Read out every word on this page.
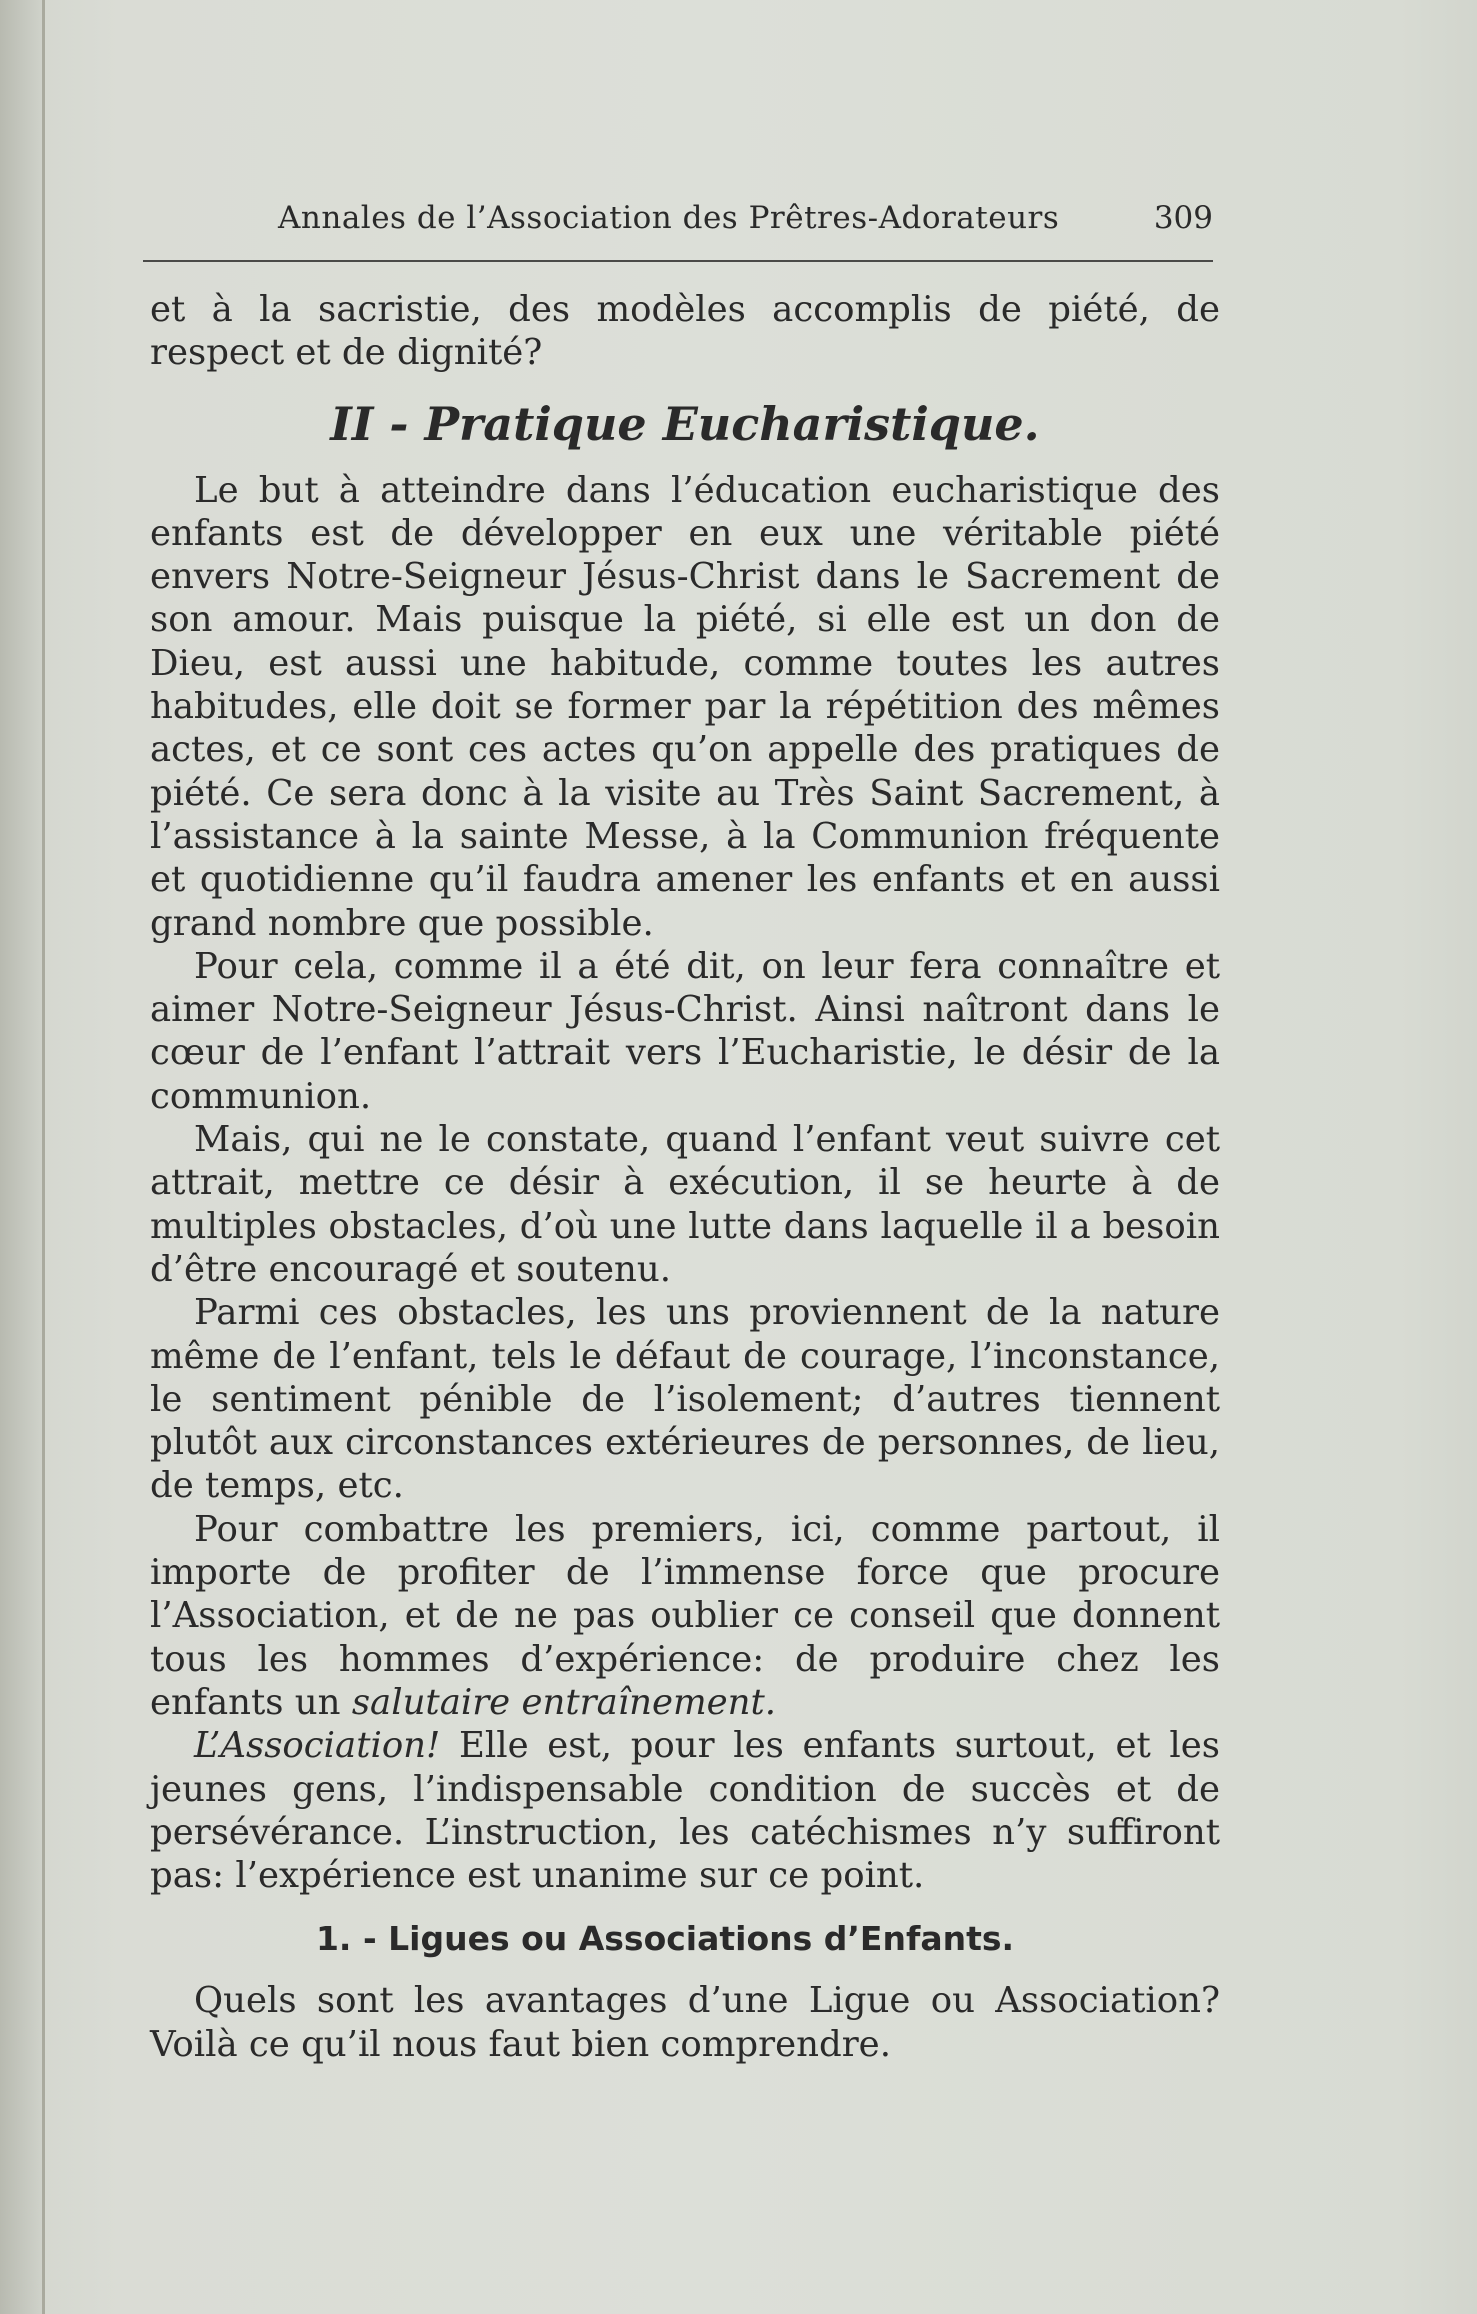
Annales de l’Association des Prêtres-Adorateurs	309

et à la sacristie, des modèles accomplis de piété, de respect et de dignité?

II - Pratique Eucharistique.

Le but à atteindre dans l’éducation eucharistique des enfants est de développer en eux une véritable piété envers Notre-Seigneur Jésus-Christ dans le Sacrement de son amour. Mais puisque la piété, si elle est un don de Dieu, est aussi une habitude, comme toutes les autres habitudes, elle doit se former par la répétition des mêmes actes, et ce sont ces actes qu’on appelle des pratiques de piété. Ce sera donc à la visite au Très Saint Sacrement, à l’assistance à la sainte Messe, à la Communion fréquente et quotidienne qu’il faudra amener les enfants et en aussi grand nombre que possible.

Pour cela, comme il a été dit, on leur fera connaître et aimer Notre-Seigneur Jésus-Christ. Ainsi naîtront dans le cœur de l’enfant l’attrait vers l’Eucharistie, le désir de la communion.

Mais, qui ne le constate, quand l’enfant veut suivre cet attrait, mettre ce désir à exécution, il se heurte à de multiples obstacles, d’où une lutte dans laquelle il a besoin d’être encouragé et soutenu.

Parmi ces obstacles, les uns proviennent de la nature même de l’enfant, tels le défaut de courage, l’inconstance, le sentiment pénible de l’isolement; d’autres tiennent plutôt aux circonstances extérieures de personnes, de lieu, de temps, etc.

Pour combattre les premiers, ici, comme partout, il importe de profiter de l’immense force que procure l’Association, et de ne pas oublier ce conseil que donnent tous les hommes d’expérience: de produire chez les enfants un salutaire entraînement.

L’Association! Elle est, pour les enfants surtout, et les jeunes gens, l’indispensable condition de succès et de persévérance. L’instruction, les catéchismes n’y suffiront pas: l’expérience est unanime sur ce point.

1. - Ligues ou Associations d’Enfants.

Quels sont les avantages d’une Ligue ou Association? Voilà ce qu’il nous faut bien comprendre.
